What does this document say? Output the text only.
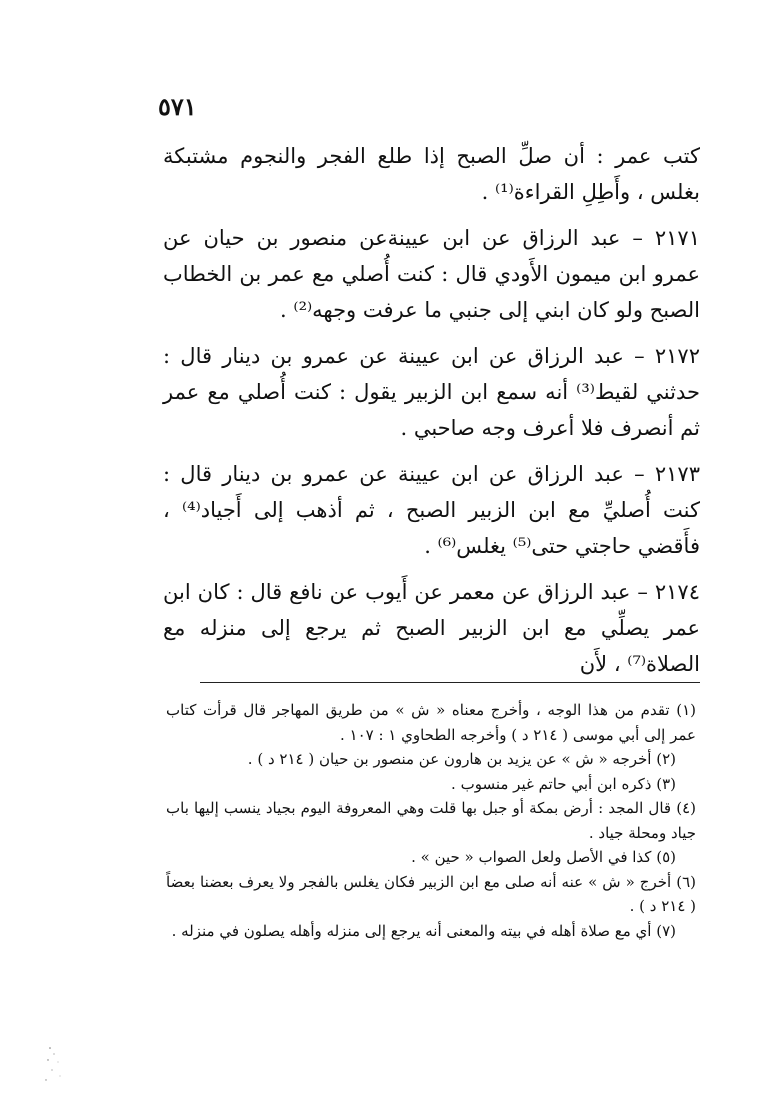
٥٧١

كتب عمر : أن صلِّ الصبح إذا طلع الفجر والنجوم مشتبكة بغلس ، وأَطِلِ القراءة⁽¹⁾ .

٢١٧١ – عبد الرزاق عن ابن عيينةعن منصور بن حيان عن عمرو ابن ميمون الأَودي قال : كنت أُصلي مع عمر بن الخطاب الصبح ولو كان ابني إلى جنبي ما عرفت وجهه⁽²⁾ .

٢١٧٢ – عبد الرزاق عن ابن عيينة عن عمرو بن دينار قال : حدثني لقيط⁽³⁾ أنه سمع ابن الزبير يقول : كنت أُصلي مع عمر ثم أنصرف فلا أعرف وجه صاحبي .

٢١٧٣ – عبد الرزاق عن ابن عيينة عن عمرو بن دينار قال : كنت أُصليِّ مع ابن الزبير الصبح ، ثم أذهب إلى أَجياد⁽⁴⁾ ، فأَقضي حاجتي حتى⁽⁵⁾ يغلس⁽⁶⁾ .

٢١٧٤ – عبد الرزاق عن معمر عن أَيوب عن نافع قال : كان ابن عمر يصلِّي مع ابن الزبير الصبح ثم يرجع إلى منزله مع الصلاة⁽⁷⁾ ، لأَن

(١) تقدم من هذا الوجه ، وأخرج معناه « ش » من طريق المهاجر قال قرأت كتاب عمر إلى أبي موسى ( ٢١٤ د ) وأخرجه الطحاوي ١ : ١٠٧ .

(٢) أخرجه « ش » عن يزيد بن هارون عن منصور بن حيان ( ٢١٤ د ) .

(٣) ذكره ابن أبي حاتم غير منسوب .

(٤) قال المجد : أرض بمكة أو جبل بها قلت وهي المعروفة اليوم بجياد ينسب إليها باب جياد ومحلة جياد .

(٥) كذا في الأصل ولعل الصواب « حين » .

(٦) أخرج « ش » عنه أنه صلى مع ابن الزبير فكان يغلس بالفجر ولا يعرف بعضنا بعضاً ( ٢١٤ د ) .

(٧) أي مع صلاة أهله في بيته والمعنى أنه يرجع إلى منزله وأهله يصلون في منزله .
